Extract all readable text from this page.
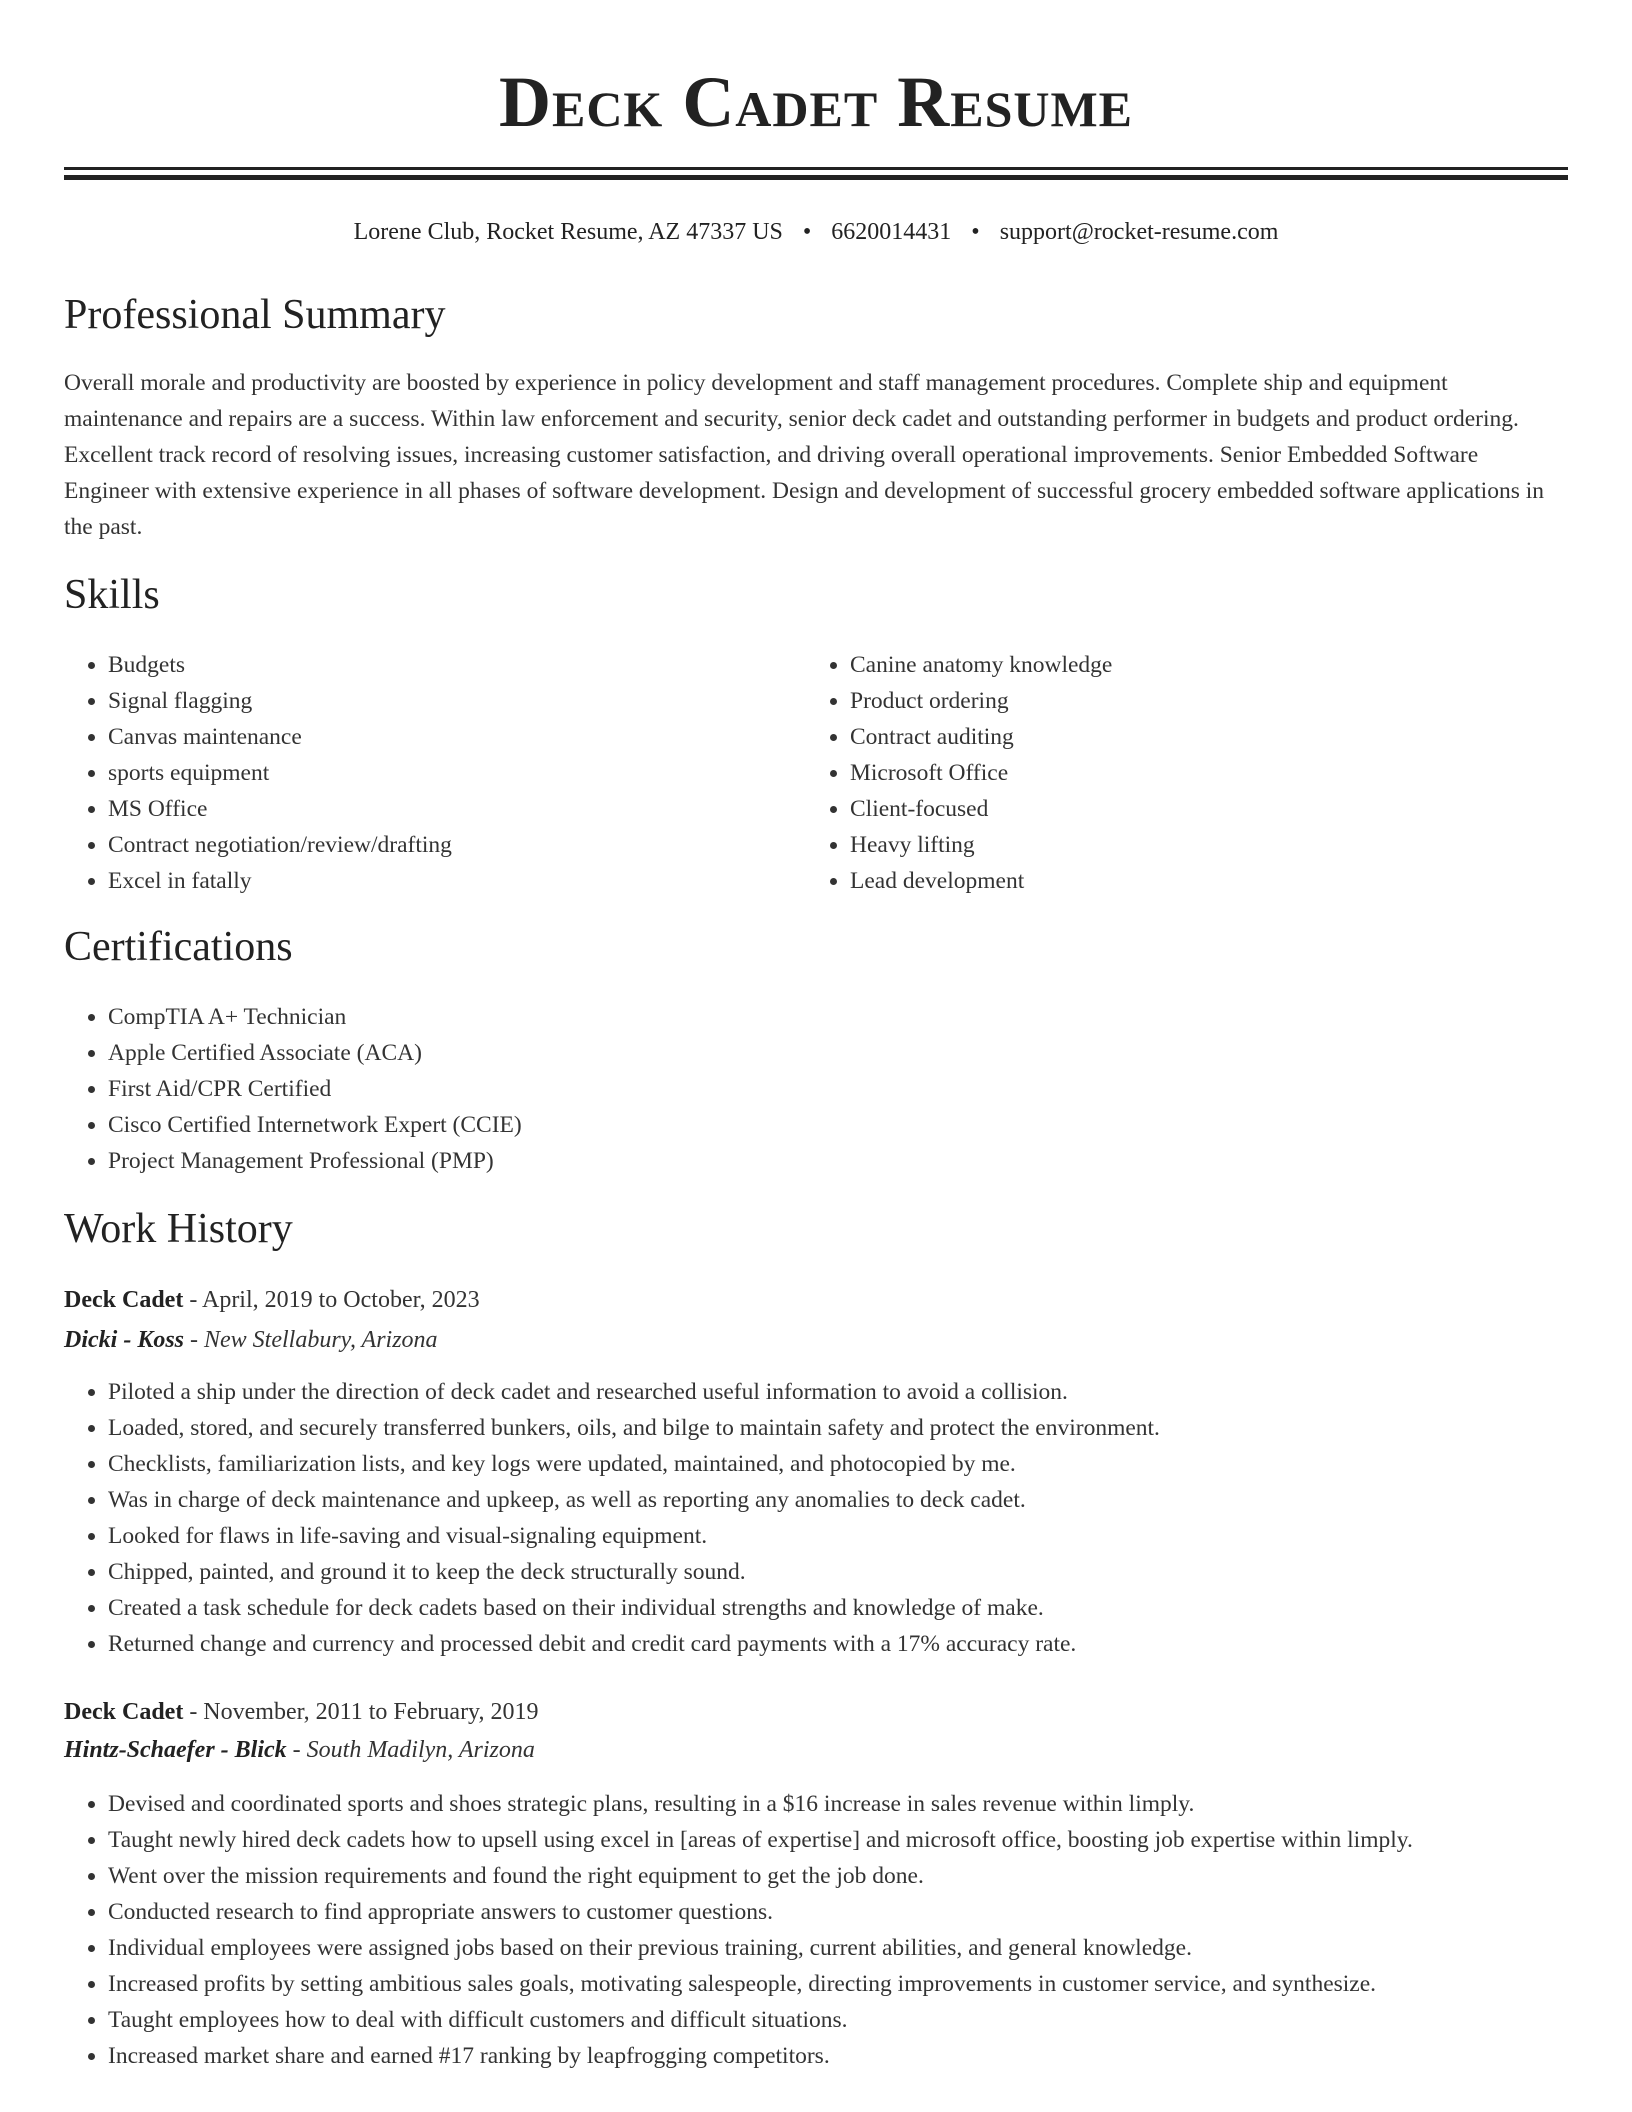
Deck Cadet Resume
Lorene Club, Rocket Resume, AZ 47337 US • 6620014431 • support@rocket-resume.com
Professional Summary

Overall morale and productivity are boosted by experience in policy development and staff management procedures. Complete ship and equipment maintenance and repairs are a success. Within law enforcement and security, senior deck cadet and outstanding performer in budgets and product ordering. Excellent track record of resolving issues, increasing customer satisfaction, and driving overall operational improvements. Senior Embedded Software Engineer with extensive experience in all phases of software development. Design and development of successful grocery embedded software applications in the past.

Skills
• Budgets
• Signal flagging
• Canvas maintenance
• sports equipment
• MS Office
• Contract negotiation/review/drafting
• Excel in fatally
• Canine anatomy knowledge
• Product ordering
• Contract auditing
• Microsoft Office
• Client-focused
• Heavy lifting
• Lead development
Certifications
• CompTIA A+ Technician
• Apple Certified Associate (ACA)
• First Aid/CPR Certified
• Cisco Certified Internetwork Expert (CCIE)
• Project Management Professional (PMP)
Work History
Deck Cadet - April, 2019 to October, 2023
Dicki - Koss - New Stellabury, Arizona
• Piloted a ship under the direction of deck cadet and researched useful information to avoid a collision.
• Loaded, stored, and securely transferred bunkers, oils, and bilge to maintain safety and protect the environment.
• Checklists, familiarization lists, and key logs were updated, maintained, and photocopied by me.
• Was in charge of deck maintenance and upkeep, as well as reporting any anomalies to deck cadet.
• Looked for flaws in life-saving and visual-signaling equipment.
• Chipped, painted, and ground it to keep the deck structurally sound.
• Created a task schedule for deck cadets based on their individual strengths and knowledge of make.
• Returned change and currency and processed debit and credit card payments with a 17% accuracy rate.
Deck Cadet - November, 2011 to February, 2019
Hintz-Schaefer - Blick - South Madilyn, Arizona
• Devised and coordinated sports and shoes strategic plans, resulting in a $16 increase in sales revenue within limply.
• Taught newly hired deck cadets how to upsell using excel in [areas of expertise] and microsoft office, boosting job expertise within limply.
• Went over the mission requirements and found the right equipment to get the job done.
• Conducted research to find appropriate answers to customer questions.
• Individual employees were assigned jobs based on their previous training, current abilities, and general knowledge.
• Increased profits by setting ambitious sales goals, motivating salespeople, directing improvements in customer service, and synthesize.
• Taught employees how to deal with difficult customers and difficult situations.
• Increased market share and earned #17 ranking by leapfrogging competitors.
